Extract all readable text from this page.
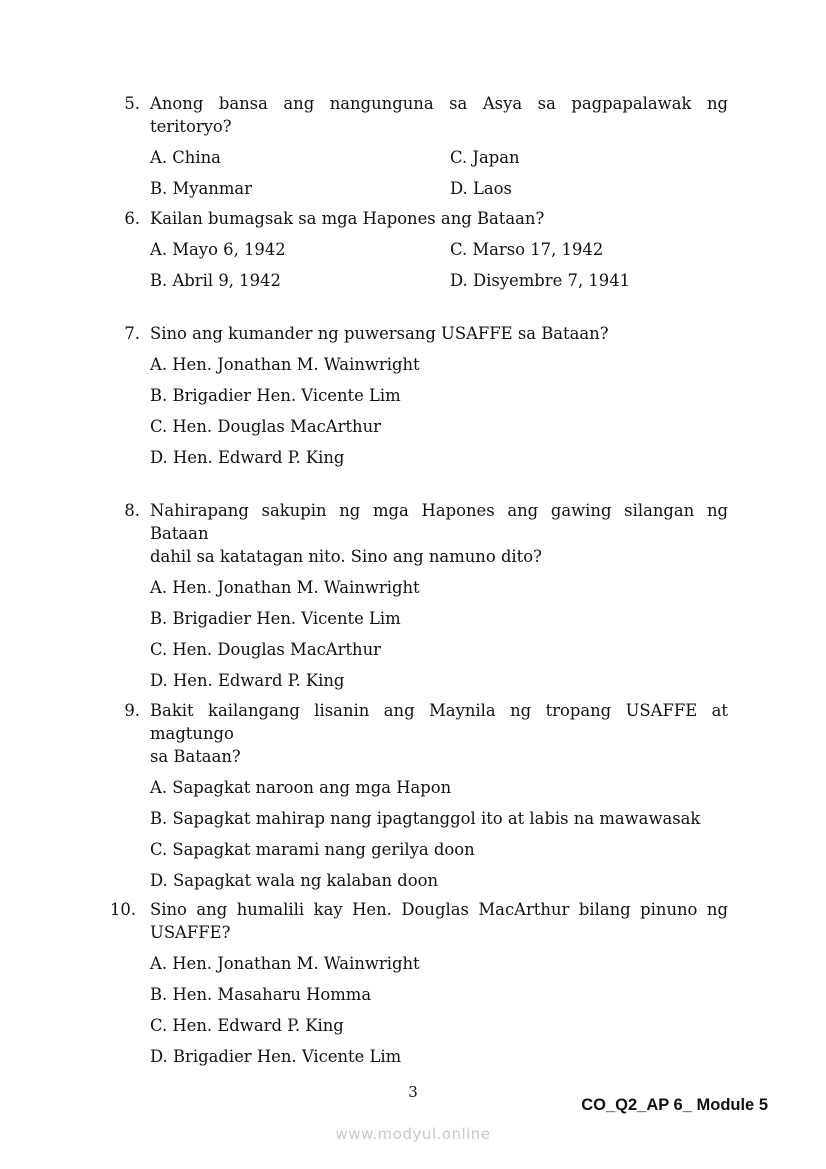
5. Anong bansa ang nangunguna sa Asya sa pagpapalawak ng teritoryo?
A. China	C. Japan
B. Myanmar	D. Laos
6. Kailan bumagsak sa mga Hapones ang Bataan?
A. Mayo 6, 1942	C. Marso 17, 1942
B. Abril 9, 1942	D. Disyembre 7, 1941
7. Sino ang kumander ng puwersang USAFFE sa Bataan?
A. Hen. Jonathan M. Wainwright
B. Brigadier Hen. Vicente Lim
C. Hen. Douglas MacArthur
D. Hen. Edward P. King
8. Nahirapang sakupin ng mga Hapones ang gawing silangan ng Bataan
dahil sa katatagan nito. Sino ang namuno dito?
A. Hen. Jonathan M. Wainwright
B. Brigadier Hen. Vicente Lim
C. Hen. Douglas MacArthur
D. Hen. Edward P. King
9. Bakit kailangang lisanin ang Maynila ng tropang USAFFE at magtungo
sa Bataan?
A. Sapagkat naroon ang mga Hapon
B. Sapagkat mahirap nang ipagtanggol ito at labis na mawawasak
C. Sapagkat marami nang gerilya doon
D. Sapagkat wala ng kalaban doon
10. Sino ang humalili kay Hen. Douglas MacArthur bilang pinuno ng
USAFFE?
A. Hen. Jonathan M. Wainwright
B. Hen. Masaharu Homma
C. Hen. Edward P. King
D. Brigadier Hen. Vicente Lim
3
CO_Q2_AP 6_ Module 5
www.modyul.online
